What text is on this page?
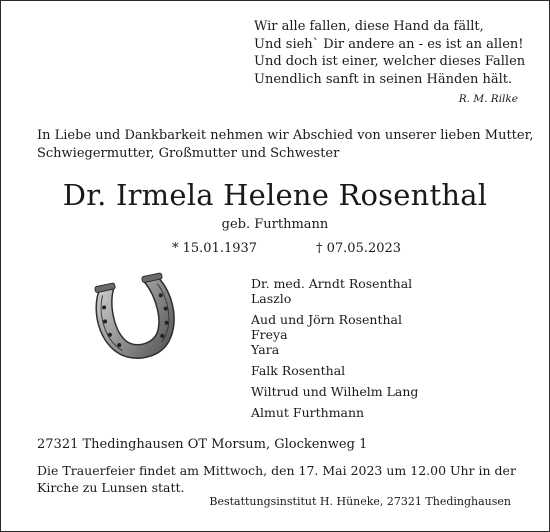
Wir alle fallen, diese Hand da fällt,
Und sieh` Dir andere an - es ist an allen!
Und doch ist einer, welcher dieses Fallen
Unendlich sanft in seinen Händen hält.
R. M. Rilke
In Liebe und Dankbarkeit nehmen wir Abschied von unserer lieben Mutter,
Schwiegermutter, Großmutter und Schwester
Dr. Irmela Helene Rosenthal
geb. Furthmann
* 15.01.1937	† 07.05.2023
Dr. med. Arndt Rosenthal
Laszlo
Aud und Jörn Rosenthal
Freya
Yara
Falk Rosenthal
Wiltrud und Wilhelm Lang
Almut Furthmann
27321 Thedinghausen OT Morsum, Glockenweg 1
Die Trauerfeier findet am Mittwoch, den 17. Mai 2023 um 12.00 Uhr in der
Kirche zu Lunsen statt.
Bestattungsinstitut H. Hüneke, 27321 Thedinghausen
